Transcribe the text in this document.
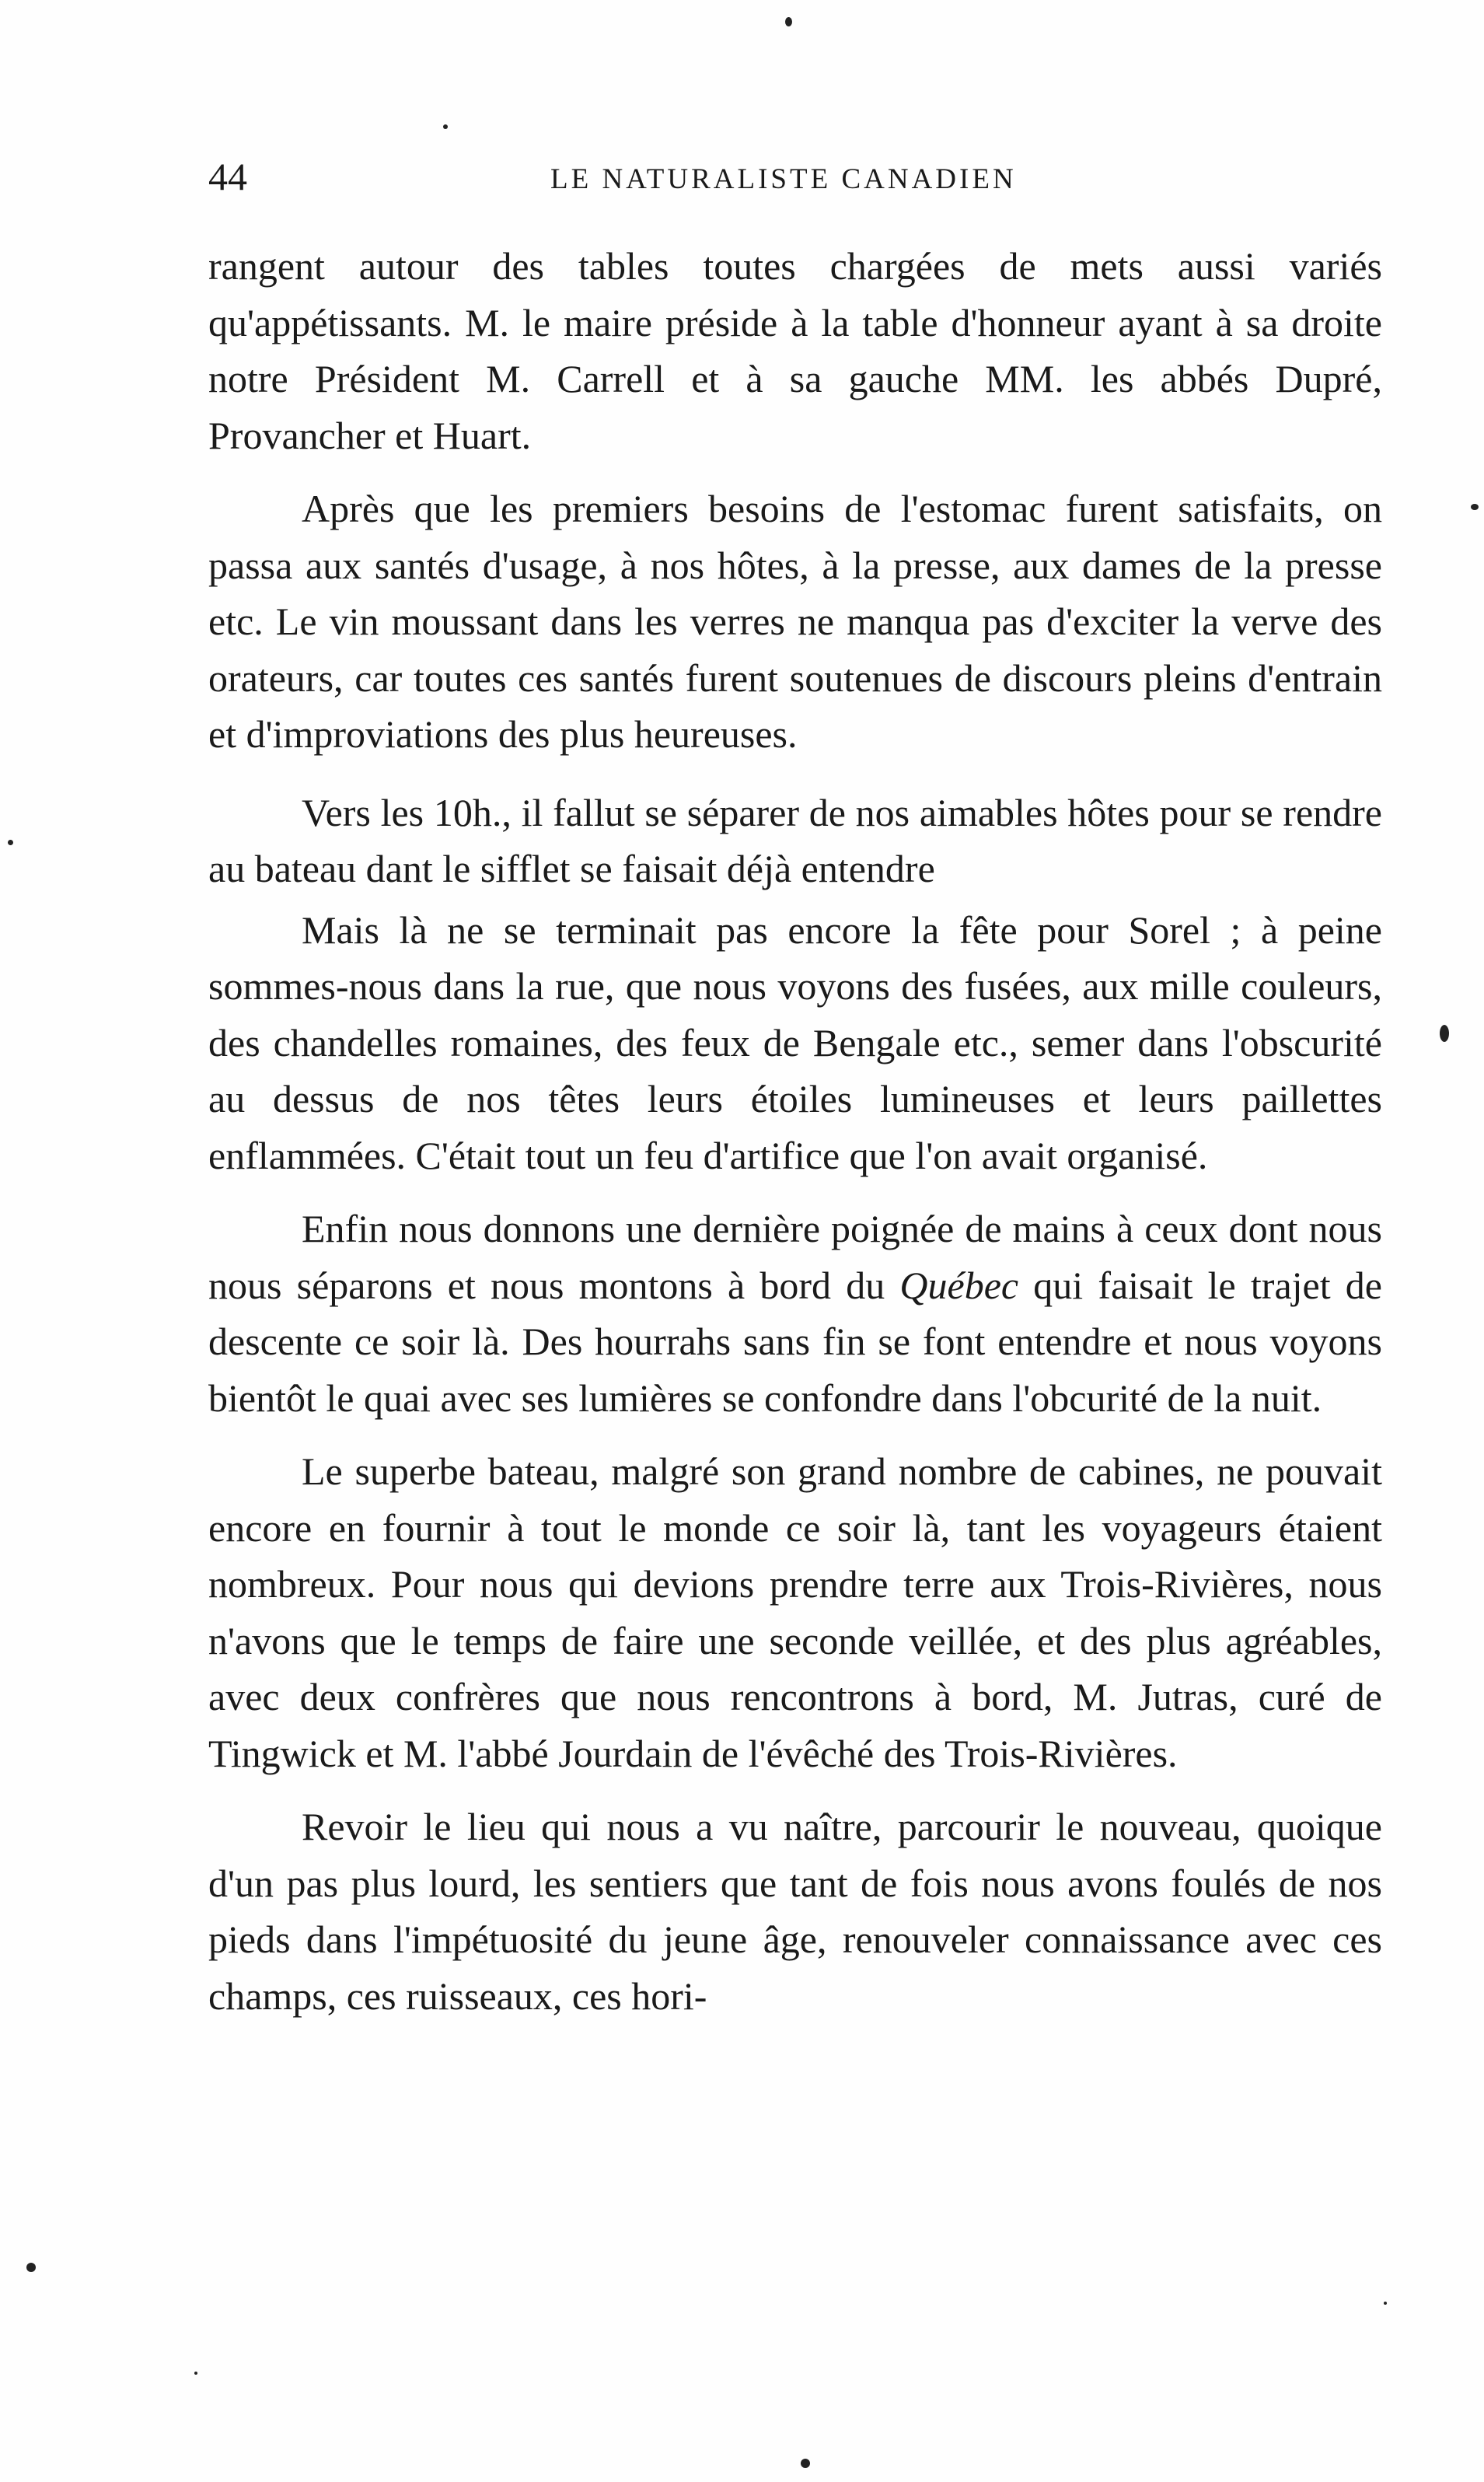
44	LE NATURALISTE CANADIEN

rangent autour des tables toutes chargées de mets aussi variés qu'appétissants. M. le maire préside à la table d'honneur ayant à sa droite notre Président M. Carrell et à sa gauche MM. les abbés Dupré, Provancher et Huart.

Après que les premiers besoins de l'estomac furent satisfaits, on passa aux santés d'usage, à nos hôtes, à la presse, aux dames de la presse etc. Le vin moussant dans les verres ne manqua pas d'exciter la verve des orateurs, car toutes ces santés furent soutenues de discours pleins d'entrain et d'improviations des plus heureuses.

Vers les 10h., il fallut se séparer de nos aimables hôtes pour se rendre au bateau dant le sifflet se faisait déjà entendre

Mais là ne se terminait pas encore la fête pour Sorel ; à peine sommes-nous dans la rue, que nous voyons des fusées, aux mille couleurs, des chandelles romaines, des feux de Bengale etc., semer dans l'obscurité au dessus de nos têtes leurs étoiles lumineuses et leurs paillettes enflammées. C'était tout un feu d'artifice que l'on avait organisé.

Enfin nous donnons une dernière poignée de mains à ceux dont nous nous séparons et nous montons à bord du Québec qui faisait le trajet de descente ce soir là. Des hourrahs sans fin se font entendre et nous voyons bientôt le quai avec ses lumières se confondre dans l'obcurité de la nuit.

Le superbe bateau, malgré son grand nombre de cabines, ne pouvait encore en fournir à tout le monde ce soir là, tant les voyageurs étaient nombreux. Pour nous qui devions prendre terre aux Trois-Rivières, nous n'avons que le temps de faire une seconde veillée, et des plus agréables, avec deux confrères que nous rencontrons à bord, M. Jutras, curé de Tingwick et M. l'abbé Jourdain de l'évêché des Trois-Rivières.

Revoir le lieu qui nous a vu naître, parcourir le nouveau, quoique d'un pas plus lourd, les sentiers que tant de fois nous avons foulés de nos pieds dans l'impétuosité du jeune âge, renouveler connaissance avec ces champs, ces ruisseaux, ces hori-
